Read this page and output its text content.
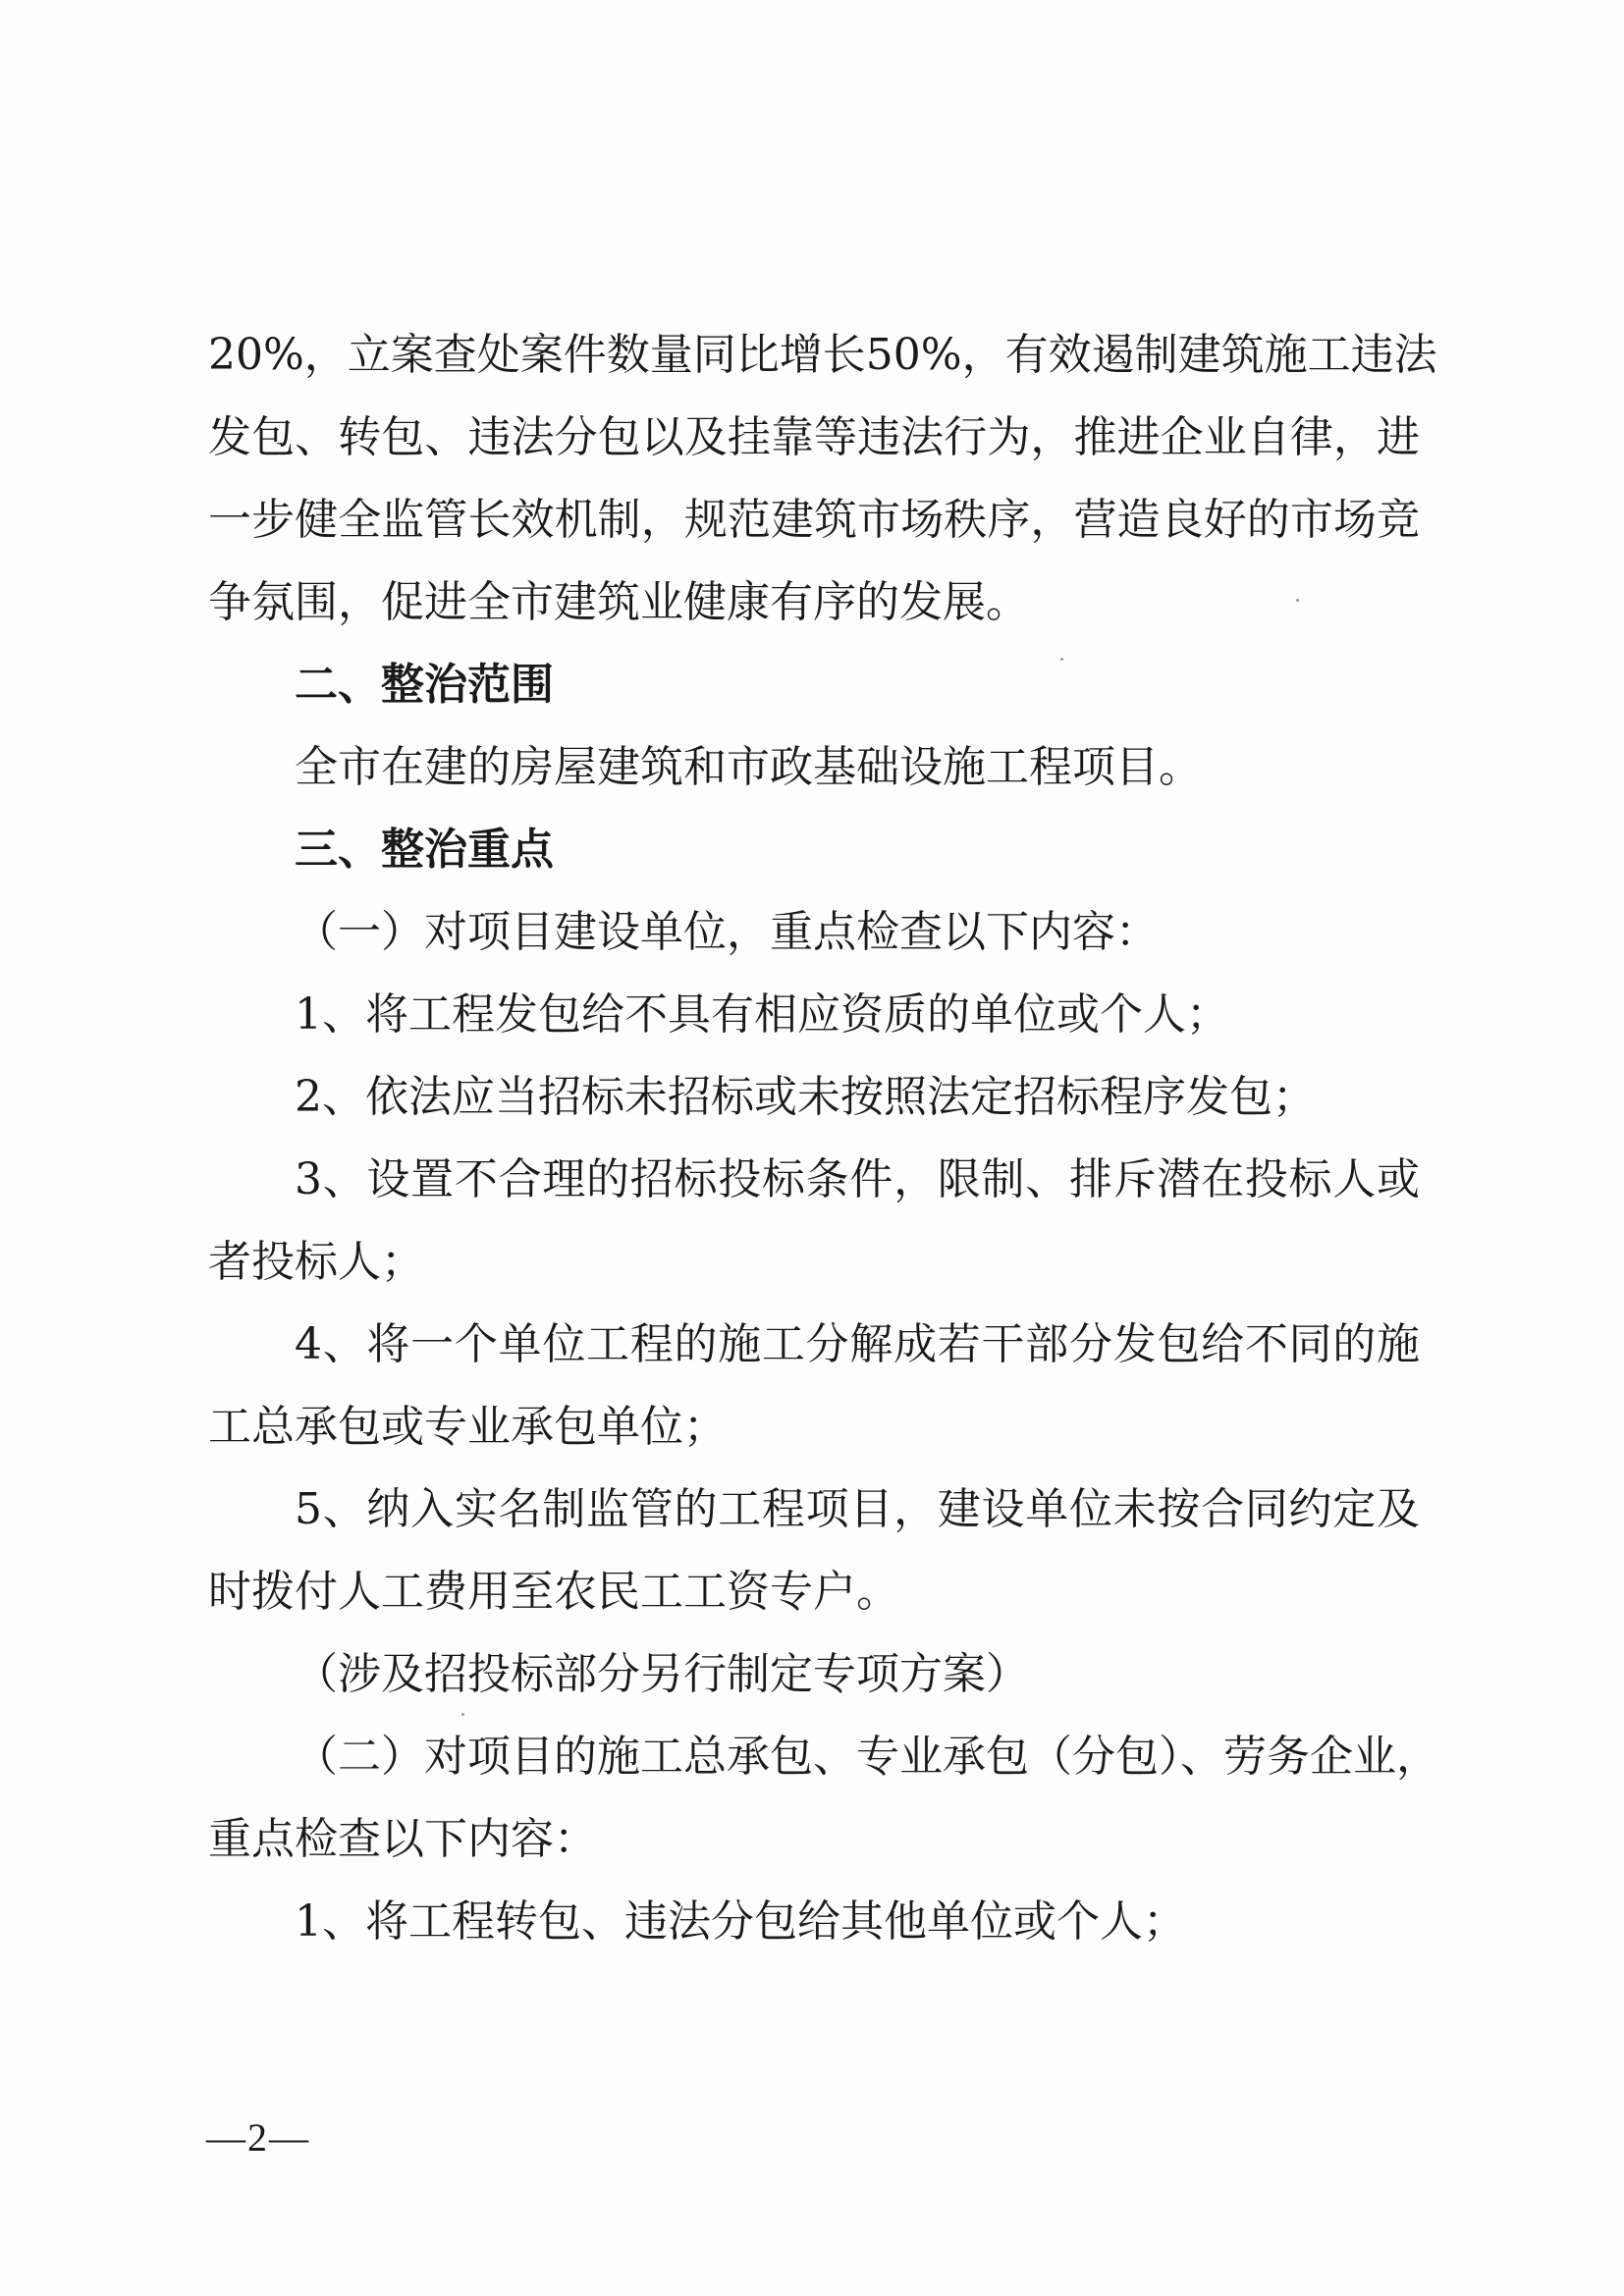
20%，立案查处案件数量同比增长50%，有效遏制建筑施工违法
发包、转包、违法分包以及挂靠等违法行为，推进企业自律，进
一步健全监管长效机制，规范建筑市场秩序，营造良好的市场竞
争氛围，促进全市建筑业健康有序的发展。
二、整治范围
全市在建的房屋建筑和市政基础设施工程项目。
三、整治重点
（一）对项目建设单位，重点检查以下内容：
1、将工程发包给不具有相应资质的单位或个人；
2、依法应当招标未招标或未按照法定招标程序发包；
3、设置不合理的招标投标条件，限制、排斥潜在投标人或
者投标人；
4、将一个单位工程的施工分解成若干部分发包给不同的施
工总承包或专业承包单位；
5、纳入实名制监管的工程项目，建设单位未按合同约定及
时拨付人工费用至农民工工资专户。
（涉及招投标部分另行制定专项方案）
（二）对项目的施工总承包、专业承包（分包）、劳务企业，
重点检查以下内容：
1、将工程转包、违法分包给其他单位或个人；
—2—
